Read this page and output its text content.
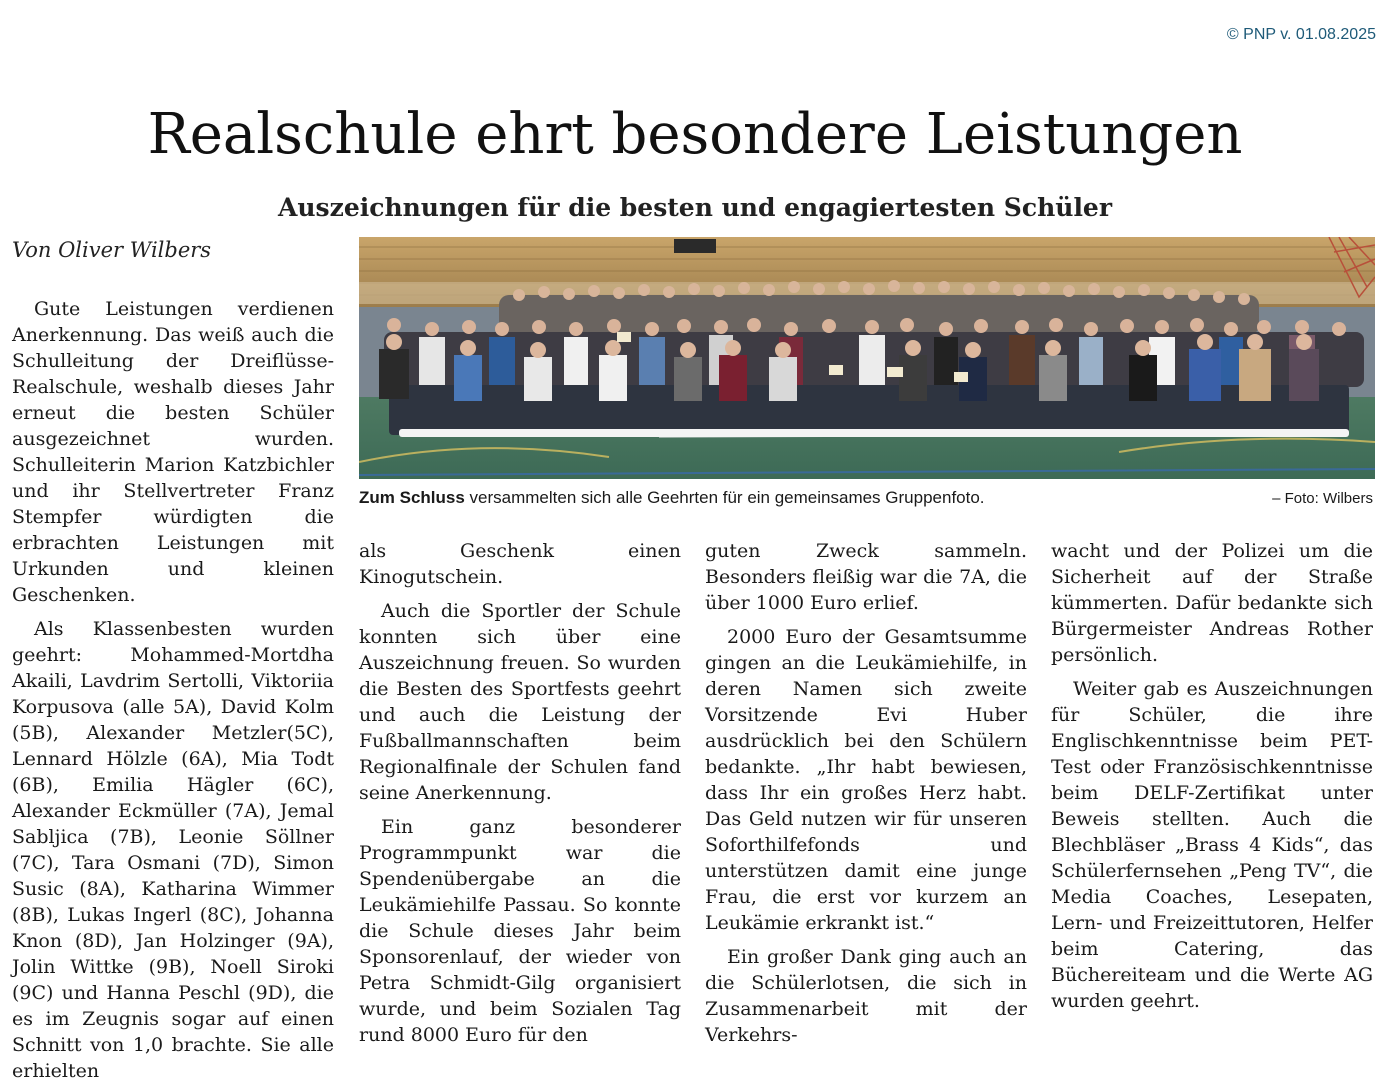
© PNP v. 01.08.2025
Realschule ehrt besondere Leistungen
Auszeichnungen für die besten und engagiertesten Schüler
Von Oliver Wilbers
Zum Schluss versammelten sich alle Geehrten für ein gemeinsames Gruppenfoto.	– Foto: Wilbers

Gute Leistungen verdienen Anerkennung. Das weiß auch die Schulleitung der Dreiflüsse-Realschule, weshalb dieses Jahr erneut die besten Schüler ausgezeichnet wurden. Schulleiterin Marion Katzbichler und ihr Stellvertreter Franz Stempfer würdigten die erbrachten Leistungen mit Urkunden und kleinen Geschenken.

Als Klassenbesten wurden geehrt: Mohammed-Mortdha Akaili, Lavdrim Sertolli, Viktoriia Korpusova (alle 5A), David Kolm (5B), Alexander Metzler(5C), Lennard Hölzle (6A), Mia Todt (6B), Emilia Hägler (6C), Alexander Eckmüller (7A), Jemal Sabljica (7B), Leonie Söllner (7C), Tara Osmani (7D), Simon Susic (8A), Katharina Wimmer (8B), Lukas Ingerl (8C), Johanna Knon (8D), Jan Holzinger (9A), Jolin Wittke (9B), Noell Siroki (9C) und Hanna Peschl (9D), die es im Zeugnis sogar auf einen Schnitt von 1,0 brachte. Sie alle erhielten

als Geschenk einen Kinogutschein.

Auch die Sportler der Schule konnten sich über eine Auszeichnung freuen. So wurden die Besten des Sportfests geehrt und auch die Leistung der Fußballmannschaften beim Regionalfinale der Schulen fand seine Anerkennung.

Ein ganz besonderer Programmpunkt war die Spendenübergabe an die Leukämiehilfe Passau. So konnte die Schule dieses Jahr beim Sponsorenlauf, der wieder von Petra Schmidt-Gilg organisiert wurde, und beim Sozialen Tag rund 8000 Euro für den

guten Zweck sammeln. Besonders fleißig war die 7A, die über 1000 Euro erlief.

2000 Euro der Gesamtsumme gingen an die Leukämiehilfe, in deren Namen sich zweite Vorsitzende Evi Huber ausdrücklich bei den Schülern bedankte. „Ihr habt bewiesen, dass Ihr ein großes Herz habt. Das Geld nutzen wir für unseren Soforthilfefonds und unterstützen damit eine junge Frau, die erst vor kurzem an Leukämie erkrankt ist.“

Ein großer Dank ging auch an die Schülerlotsen, die sich in Zusammenarbeit mit der Verkehrs-

wacht und der Polizei um die Sicherheit auf der Straße kümmerten. Dafür bedankte sich Bürgermeister Andreas Rother persönlich.

Weiter gab es Auszeichnungen für Schüler, die ihre Englischkenntnisse beim PET-Test oder Französischkenntnisse beim DELF-Zertifikat unter Beweis stellten. Auch die Blechbläser „Brass 4 Kids“, das Schülerfernsehen „Peng TV“, die Media Coaches, Lesepaten, Lern- und Freizeittutoren, Helfer beim Catering, das Büchereiteam und die Werte AG wurden geehrt.
